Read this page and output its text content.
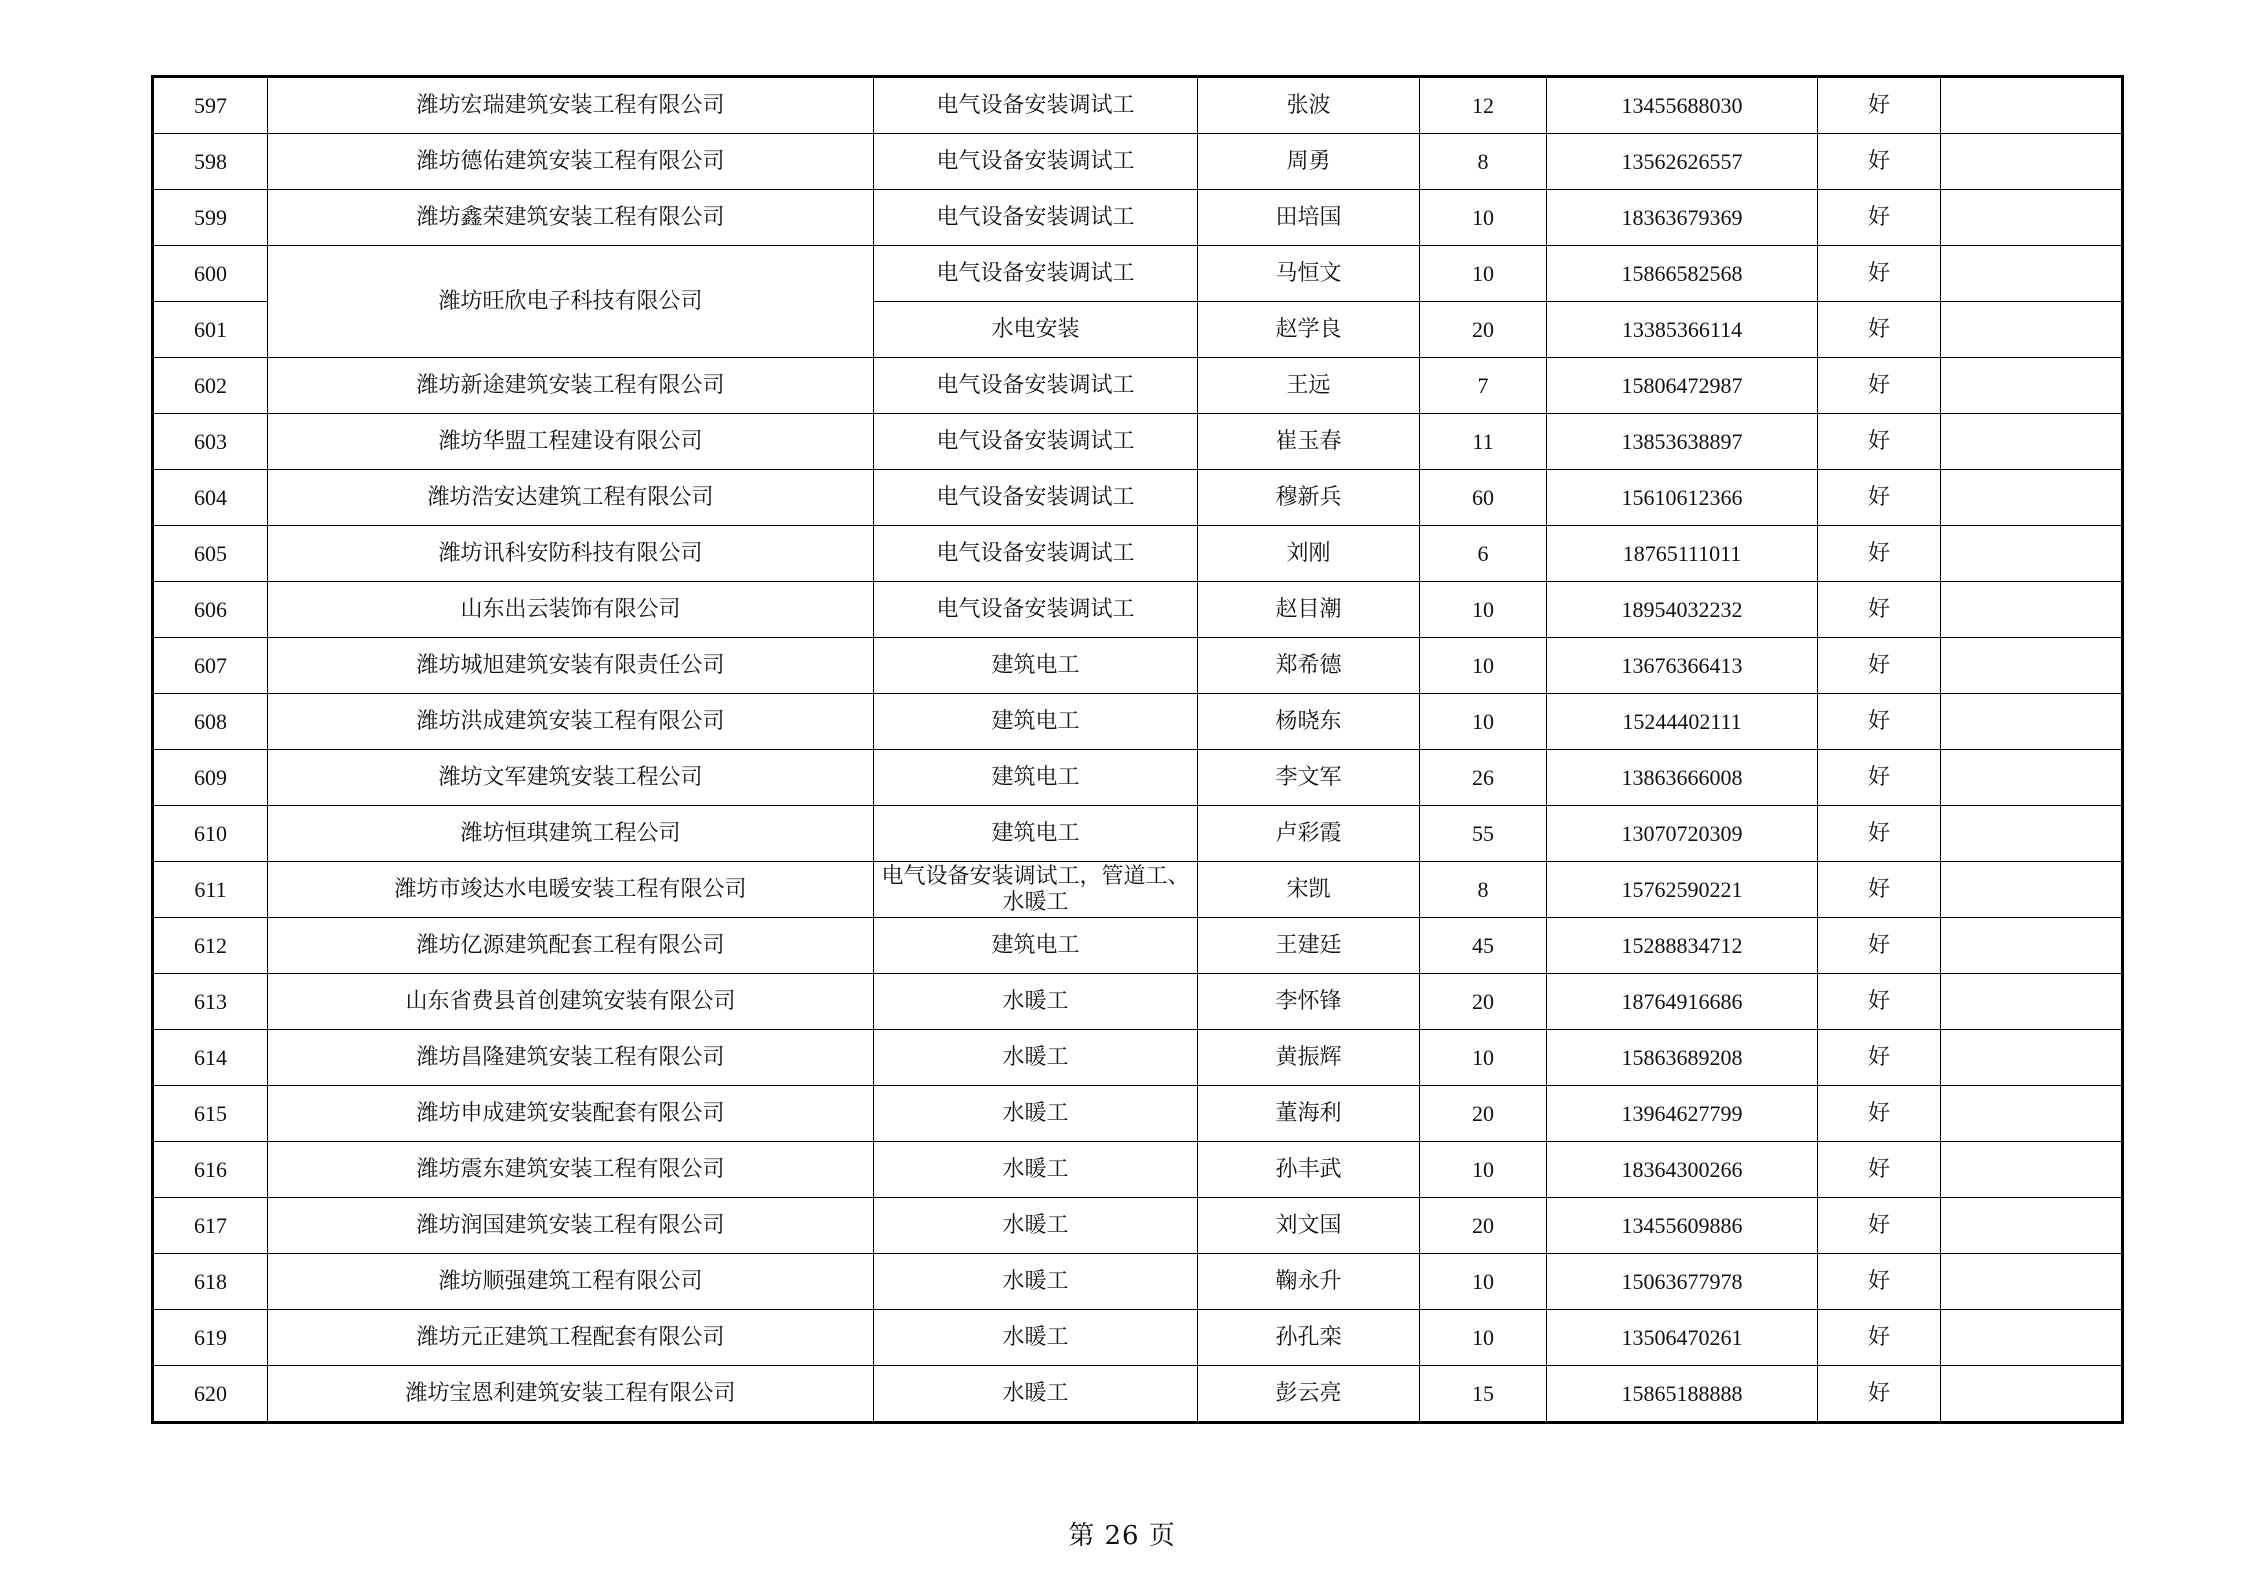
597	潍坊宏瑞建筑安装工程有限公司	电气设备安装调试工	张波	12	13455688030	好	
598	潍坊德佑建筑安装工程有限公司	电气设备安装调试工	周勇	8	13562626557	好	
599	潍坊鑫荣建筑安装工程有限公司	电气设备安装调试工	田培国	10	18363679369	好	
600	潍坊旺欣电子科技有限公司	电气设备安装调试工	马恒文	10	15866582568	好	
601		水电安装	赵学良	20	13385366114	好	
602	潍坊新途建筑安装工程有限公司	电气设备安装调试工	王远	7	15806472987	好	
603	潍坊华盟工程建设有限公司	电气设备安装调试工	崔玉春	11	13853638897	好	
604	潍坊浩安达建筑工程有限公司	电气设备安装调试工	穆新兵	60	15610612366	好	
605	潍坊讯科安防科技有限公司	电气设备安装调试工	刘刚	6	18765111011	好	
606	山东出云装饰有限公司	电气设备安装调试工	赵目潮	10	18954032232	好	
607	潍坊城旭建筑安装有限责任公司	建筑电工	郑希德	10	13676366413	好	
608	潍坊洪成建筑安装工程有限公司	建筑电工	杨晓东	10	15244402111	好	
609	潍坊文军建筑安装工程公司	建筑电工	李文军	26	13863666008	好	
610	潍坊恒琪建筑工程公司	建筑电工	卢彩霞	55	13070720309	好	
611	潍坊市竣达水电暖安装工程有限公司	电气设备安装调试工，管道工、水暖工	宋凯	8	15762590221	好	
612	潍坊亿源建筑配套工程有限公司	建筑电工	王建廷	45	15288834712	好	
613	山东省费县首创建筑安装有限公司	水暖工	李怀锋	20	18764916686	好	
614	潍坊昌隆建筑安装工程有限公司	水暖工	黄振辉	10	15863689208	好	
615	潍坊申成建筑安装配套有限公司	水暖工	董海利	20	13964627799	好	
616	潍坊震东建筑安装工程有限公司	水暖工	孙丰武	10	18364300266	好	
617	潍坊润国建筑安装工程有限公司	水暖工	刘文国	20	13455609886	好	
618	潍坊顺强建筑工程有限公司	水暖工	鞠永升	10	15063677978	好	
619	潍坊元正建筑工程配套有限公司	水暖工	孙孔栾	10	13506470261	好	
620	潍坊宝恩利建筑安装工程有限公司	水暖工	彭云亮	15	15865188888	好	
第 26 页
